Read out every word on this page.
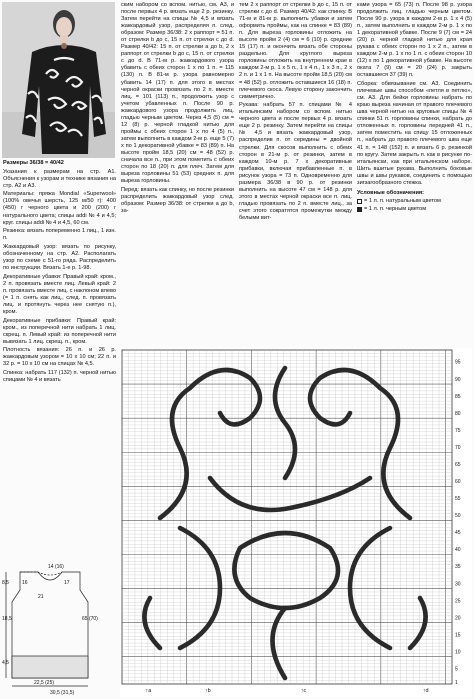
Размеры 36/38 = 40/42

Указания к размерам на стр. А1. Объяснения к узорам и технике вязания на стр. А2 и А3.

Материалы: пряжа Mondial «Superwool» (100% овечья шерсть, 125 м/50 г): 400 (450) г черного цвета и 200 (200) г натурального цвета; спицы addi № 4 и 4,5; круг. спицы addi № 4 и 4,5, 60 см.

Резинка: вязать попеременно 1 лиц., 1 изн. п.

Жаккардовый узор: вязать по рисунку, обозначенному на стр. А2. Располагать узор по схеме с 51-го ряда. Распределить по инструкции. Вязать 1-е р. 1-98.

Декоративные убавки: Правый край: кром., 2 п. провязать вместе лиц. Левый край: 2 п. провязать вместе лиц. с наклоном влево (= 1 п. снять как лиц., след. п. провязать лиц. и протянуть через нее снятую п.), кром.

Декоративные прибавки: Правый край: кром., из поперечной нити набрать 1 лиц. скрещ. п. Левый край: из поперечной нити вывязать 1 лиц. скрещ. п., кром.

Плотность вязания: 26 п. и 26 р. жаккардовым узором = 10 х 10 см; 22 п. и 32 р. = 10 х 10 см на спицах № 4,5.

Спинка: набрать 117 (132) п. черной нитью спицами № 4 и вязать

ским набором со вспом. нитью, см. А3, и после первых 4 р. вязать еще 2 р. резинку. Затем перейти на спицы № 4,5 и вязать жаккардовый узор, распределяя п. след. образом: Размер 36/38: 2 х раппорт = 51 п. от стрелки b до с, 15 п. от стрелки с до d. Размер 40/42: 15 п. от стрелки а до b, 2 х раппорт от стрелки b до с, 15 п. от стрелки c до d. В 71-м р. жаккардового узора убавить с обеих сторон 1 х по 1 п. = 115 (130) п. В 81-м р. узора равномерно убавить 14 (17) п. для этого в местах черной окраски провязать по 2 п. вместе лиц. = 101 (113) п., продолжить узор с учетом убавленных п. После 90 р. жаккардового узора продолжить лиц. гладью черным цветом. Через 4,5 (5) см = 12 (8) р. черной гладкой нитью для проймы с обеих сторон 1 х по 4 (5) п., затем выполнить в каждом 2-м р. еще 5 (7) х по 1 декоративной убавке = 83 (89) п. На высоте пройм 18,5 (20) см = 48 (52) р. сначала все п., при этом пометить с обеих сторон по 18 (20) п. для плеч. Затем для выреза горловины 51 (53) средних п. для выреза горловины.

Перед: вязать как спинку, но после резинки распределить жаккардовый узор след. образом: Размер 36/38: от стрелки а до b, за-

тем 2 х раппорт от стрелки b до с, 15 п. от стрелки с до d. Размер 40/42: как спинку. В 71-м и 81-м р. выполнить убавки и затем оформить проймы, как на спинке = 83 (89) п. Для выреза горловины отложить на высоте пройм 2 (4) см = 6 (10) р. средние 15 (17) п. и окончить вязать обе стороны раздельно. Для круглого выреза горловины отложить на внутреннем крае в каждом 2-м р. 1 х 5 п., 1 х 4 п., 1 х 3 п., 2 х 2 п. и 1 х 1 п. На высоте пройм 18,5 (20) см = 48 (52) р. отложить оставшиеся 16 (18) п. плечевого скоса. Левую сторону закончить симметрично.

Рукава: набрать 57 п. спицами № 4 итальянским набором со вспом. нитью черного цвета и после первых 4 р. вязать еще 2 р. резинку. Затем перейти на спицы № 4,5 и вязать жаккардовый узор, распределив п. от середины = двойной стрелки. Для скосов выполнить с обеих сторон в 21-м р. от резинки, затем в каждом 10-м р. 7 х декоративные прибавки, включая прибавленные п. в рисунок узора = 73 п. Одновременно для размера 36/38 в 90 р. от резинки выполнить на высоте 47 см = 148 р. для этого в местах черной окраски все п. лиц. гладью провязать по 2 п. вместе лиц., за счет этого сократятся промежутки между белыми вит-

ками узора = 65 (73) п. После 98 р. узора продолжить лиц. гладью черным цветом. После 90 р. узора в каждом 2-м р. 1 х 4 (5) п., затем выполнить в каждом 2-м р. 1 х по 1 декоративной убавке. После 9 (7) см = 24 (20) р. черной гладкой нитью для края рукава с обеих сторон по 1 х 2 п., затем в каждом 2-м р. 1 х по 1 п. с обеих сторон 10 (12) х по 1 декоративной убавке. На высоте оката 7 (9) см = 20 (24) р. закрыть оставшиеся 37 (39) п.

Сборка: обвязывание см. А3. Соединить плечевые швы способом «петля в петлю», см. А3. Для бейки горловины набрать по краю выреза начиная от правого плечевого шва черной нитью на круговые спицы № 4 спинки 51 п. горловины спинки, набрать до отложенных п. горловины передней 41 п., затем поместить на спицу 15 отложенных п., набрать до правого плечевого шва еще 41 п. = 148 (152) п. и вязать 6 р. резинкой по кругу. Затем закрыть п. как в рисунке по-итальянски, как при итальянском наборе. Шить вшитые рукава. Выполнить боковые швы и швы рукавов, соединить с помощью зигзагообразного стежка.

Условные обозначения:

= 1 л. п. натуральным цветом
= 1 л. п. черным цветом
95
90
85
80
75
70
65
60
55
50
45
40
35
30
25
20
15
10
5
1
↑а	↑b	↑c	↑d
14 (16)
16	17
21
8,5
18,5
4,5
22,5 (25)
30,5 (31,5)
65 (70)
